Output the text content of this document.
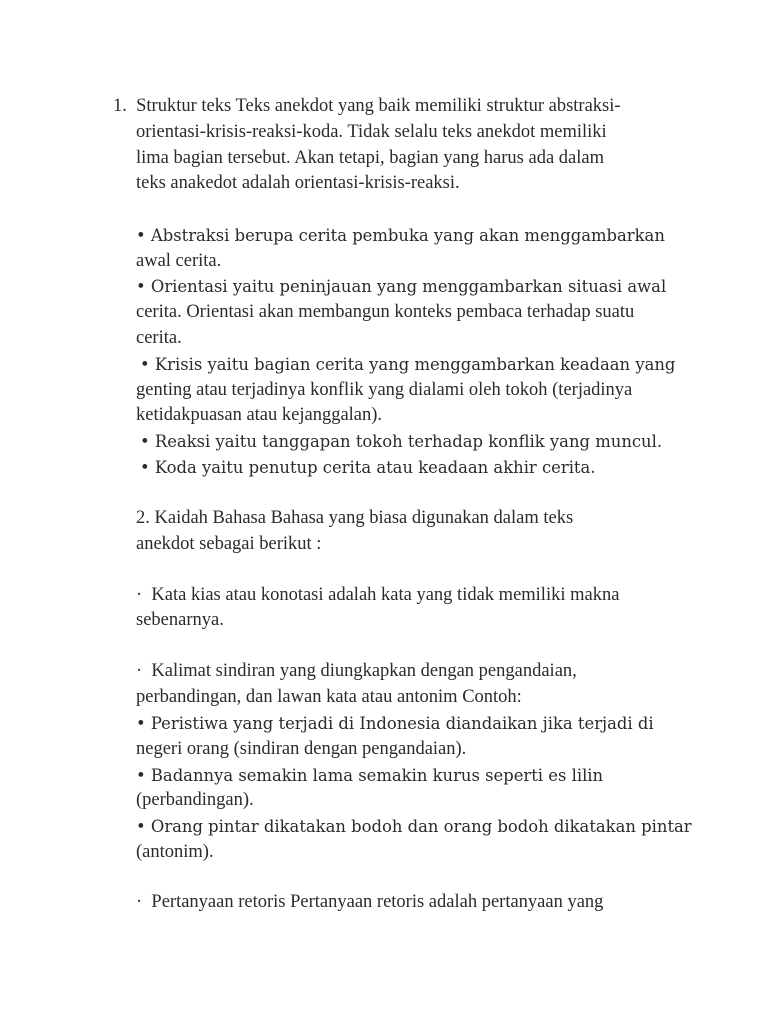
1.  Struktur teks Teks anekdot yang baik memiliki struktur abstraksi-
orientasi-krisis-reaksi-koda. Tidak selalu teks anekdot memiliki
lima bagian tersebut. Akan tetapi, bagian yang harus ada dalam
teks anakedot adalah orientasi-krisis-reaksi.
• Abstraksi berupa cerita pembuka yang akan menggambarkan
awal cerita.
• Orientasi yaitu peninjauan yang menggambarkan situasi awal
cerita. Orientasi akan membangun konteks pembaca terhadap suatu
cerita.
• Krisis yaitu bagian cerita yang menggambarkan keadaan yang
genting atau terjadinya konflik yang dialami oleh tokoh (terjadinya
ketidakpuasan atau kejanggalan).
• Reaksi yaitu tanggapan tokoh terhadap konflik yang muncul.
• Koda yaitu penutup cerita atau keadaan akhir cerita.
2. Kaidah Bahasa Bahasa yang biasa digunakan dalam teks
anekdot sebagai berikut :
·  Kata kias atau konotasi adalah kata yang tidak memiliki makna
sebenarnya.
·  Kalimat sindiran yang diungkapkan dengan pengandaian,
perbandingan, dan lawan kata atau antonim Contoh:
• Peristiwa yang terjadi di Indonesia diandaikan jika terjadi di
negeri orang (sindiran dengan pengandaian).
• Badannya semakin lama semakin kurus seperti es lilin
(perbandingan).
• Orang pintar dikatakan bodoh dan orang bodoh dikatakan pintar
(antonim).
·  Pertanyaan retoris Pertanyaan retoris adalah pertanyaan yang
